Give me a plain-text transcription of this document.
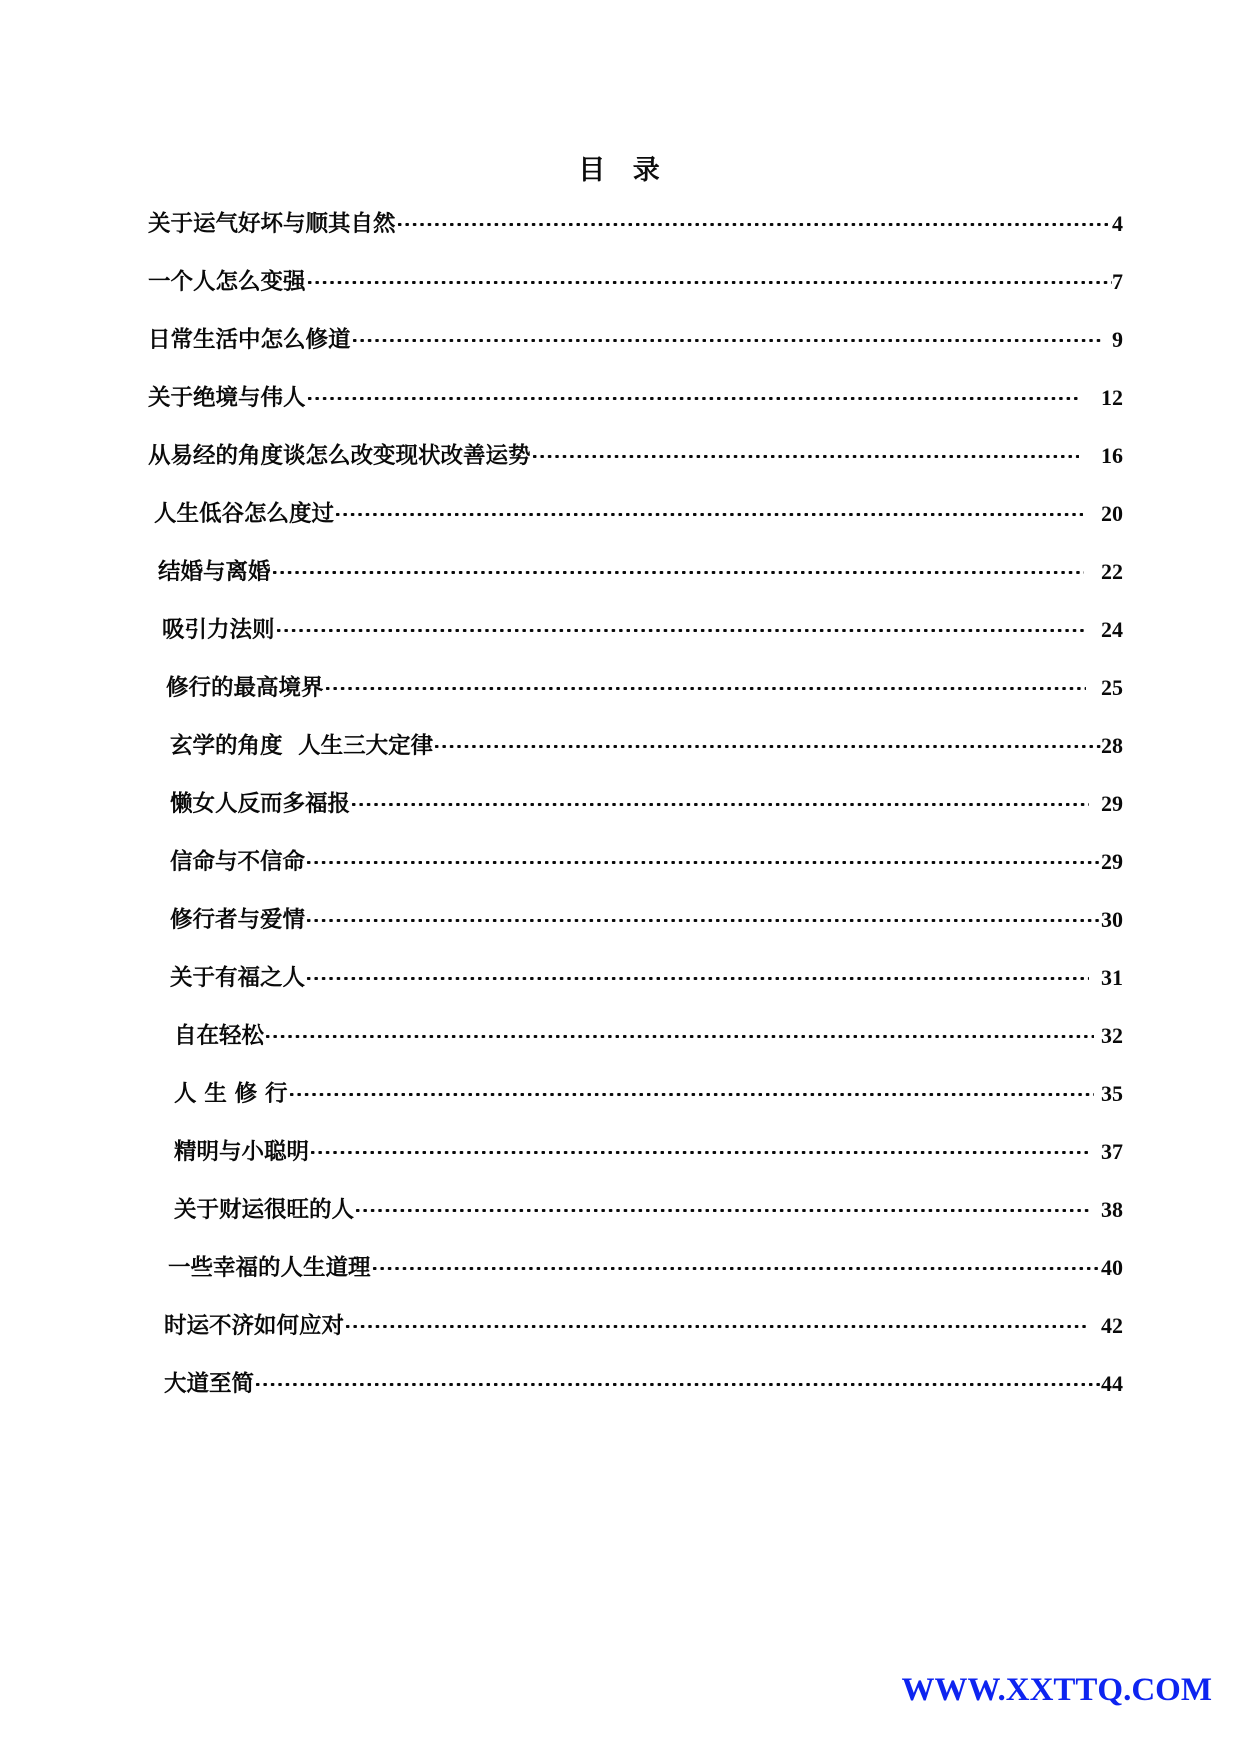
目 录
关于运气好坏与顺其自然	4
一个人怎么变强	7
日常生活中怎么修道	9
关于绝境与伟人	12
从易经的角度谈怎么改变现状改善运势	16
人生低谷怎么度过	20
结婚与离婚	22
吸引力法则	24
修行的最高境界	25
玄学的角度  人生三大定律	28
懒女人反而多福报	29
信命与不信命	29
修行者与爱情	30
关于有福之人	31
自在轻松	32
人 生 修 行	35
精明与小聪明	37
关于财运很旺的人	38
一些幸福的人生道理	40
时运不济如何应对	42
大道至简	44
WWW.XXTTQ.COM
